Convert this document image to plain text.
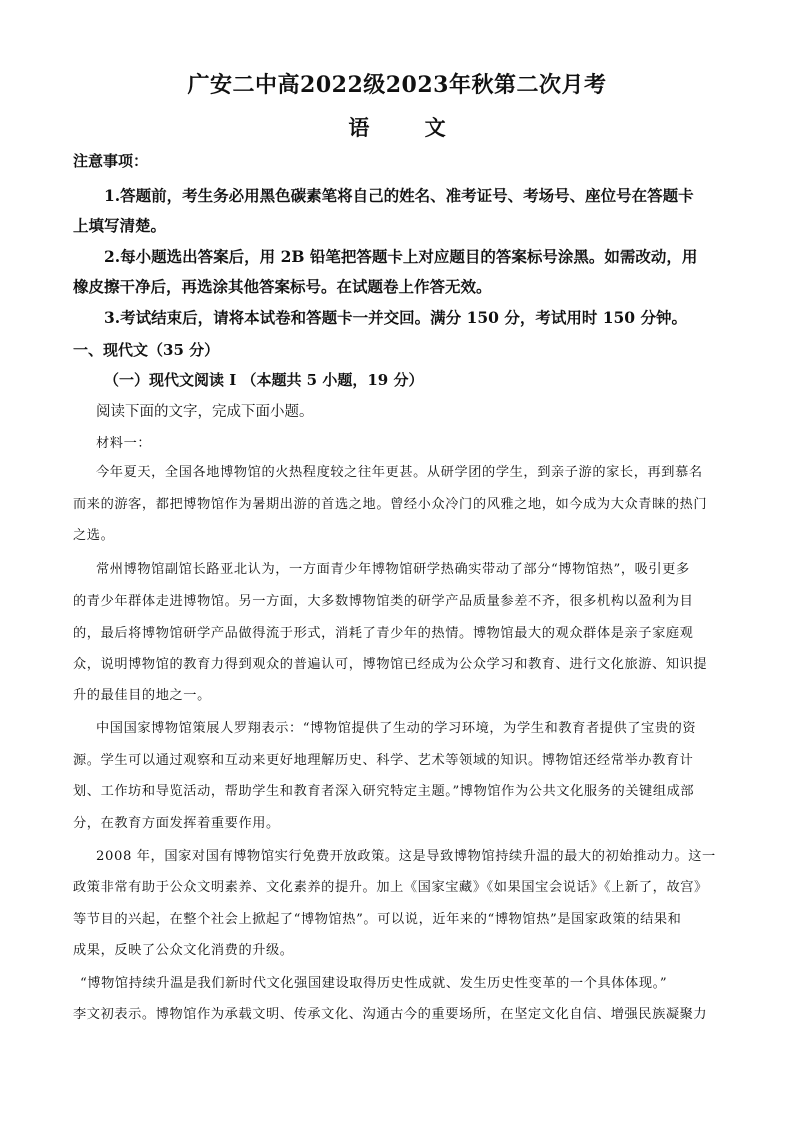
广安二中高2022级2023年秋第二次月考
语 文
注意事项：
1.答题前，考生务必用黑色碳素笔将自己的姓名、准考证号、考场号、座位号在答题卡
上填写清楚。
2.每小题选出答案后，用 2B 铅笔把答题卡上对应题目的答案标号涂黑。如需改动，用
橡皮擦干净后，再选涂其他答案标号。在试题卷上作答无效。
3.考试结束后，请将本试卷和答题卡一并交回。满分 150 分，考试用时 150 分钟。
一、现代文（35 分）
（一）现代文阅读 I （本题共 5 小题，19 分）
阅读下面的文字，完成下面小题。
材料一：
今年夏天，全国各地博物馆的火热程度较之往年更甚。从研学团的学生，到亲子游的家长，再到慕名
而来的游客，都把博物馆作为暑期出游的首选之地。曾经小众冷门的风雅之地，如今成为大众青睐的热门
之选。
常州博物馆副馆长路亚北认为，一方面青少年博物馆研学热确实带动了部分“博物馆热”，吸引更多
的青少年群体走进博物馆。另一方面，大多数博物馆类的研学产品质量参差不齐，很多机构以盈利为目
的，最后将博物馆研学产品做得流于形式，消耗了青少年的热情。博物馆最大的观众群体是亲子家庭观
众，说明博物馆的教育力得到观众的普遍认可，博物馆已经成为公众学习和教育、进行文化旅游、知识提
升的最佳目的地之一。
中国国家博物馆策展人罗翔表示：“博物馆提供了生动的学习环境，为学生和教育者提供了宝贵的资
源。学生可以通过观察和互动来更好地理解历史、科学、艺术等领域的知识。博物馆还经常举办教育计
划、工作坊和导览活动，帮助学生和教育者深入研究特定主题。”博物馆作为公共文化服务的关键组成部
分，在教育方面发挥着重要作用。
2008 年，国家对国有博物馆实行免费开放政策。这是导致博物馆持续升温的最大的初始推动力。这一
政策非常有助于公众文明素养、文化素养的提升。加上《国家宝藏》《如果国宝会说话》《上新了，故宫》
等节目的兴起，在整个社会上掀起了“博物馆热”。可以说，近年来的“博物馆热”是国家政策的结果和
成果，反映了公众文化消费的升级。
“博物馆持续升温是我们新时代文化强国建设取得历史性成就、发生历史性变革的一个具体体现。”
李文初表示。博物馆作为承载文明、传承文化、沟通古今的重要场所，在坚定文化自信、增强民族凝聚力
